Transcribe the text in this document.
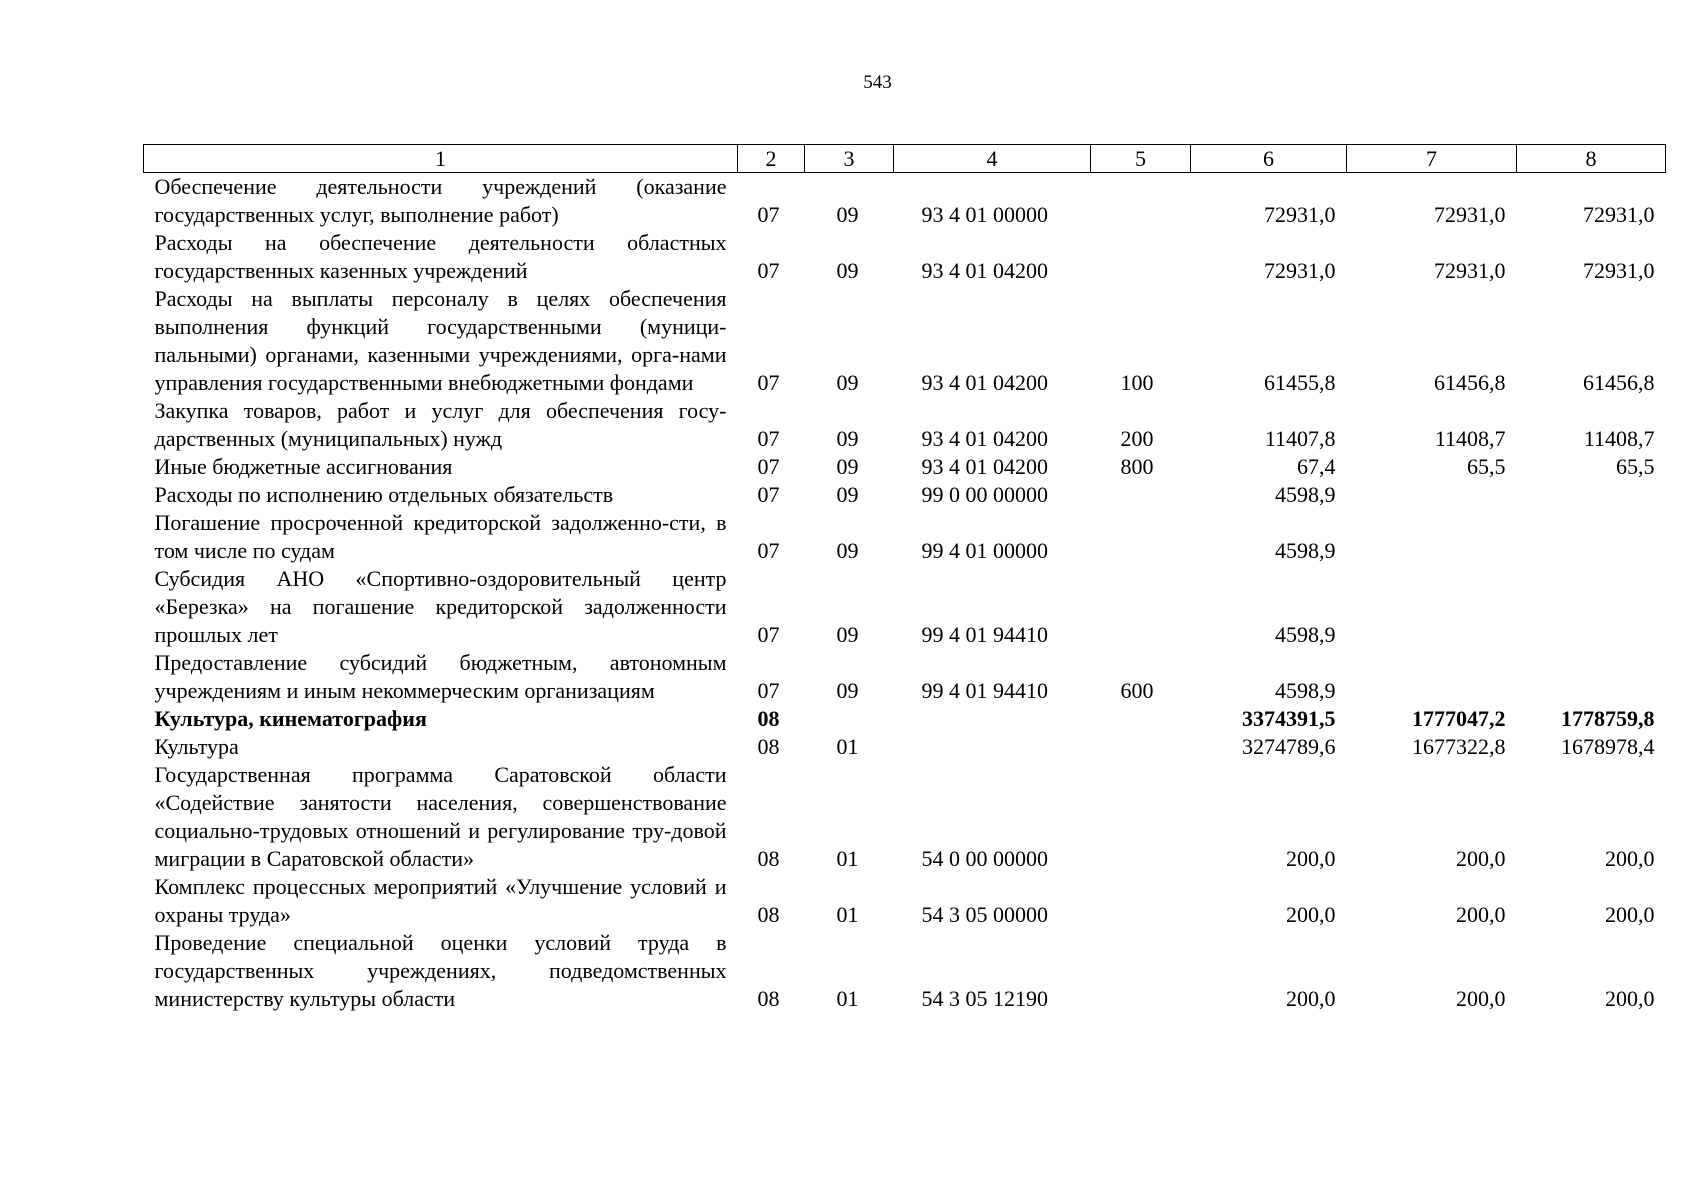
543
1	2	3	4	5	6	7	8
Обеспечение деятельности учреждений (оказание государственных услуг, выполнение работ)	07	09	93 4 01 00000		72931,0	72931,0	72931,0
Расходы на обеспечение деятельности областных государственных казенных учреждений	07	09	93 4 01 04200		72931,0	72931,0	72931,0
Расходы на выплаты персоналу в целях обеспечения выполнения функций государственными (муници-пальными) органами, казенными учреждениями, орга-нами управления государственными внебюджетными фондами	07	09	93 4 01 04200	100	61455,8	61456,8	61456,8
Закупка товаров, работ и услуг для обеспечения госу-дарственных (муниципальных) нужд	07	09	93 4 01 04200	200	11407,8	11408,7	11408,7
Иные бюджетные ассигнования	07	09	93 4 01 04200	800	67,4	65,5	65,5
Расходы по исполнению отдельных обязательств	07	09	99 0 00 00000		4598,9		
Погашение просроченной кредиторской задолженно-сти, в том числе по судам	07	09	99 4 01 00000		4598,9		
Субсидия АНО «Спортивно-оздоровительный центр «Березка» на погашение кредиторской задолженности прошлых лет	07	09	99 4 01 94410		4598,9		
Предоставление субсидий бюджетным, автономным учреждениям и иным некоммерческим организациям	07	09	99 4 01 94410	600	4598,9		
Культура, кинематография	08				3374391,5	1777047,2	1778759,8
Культура	08	01			3274789,6	1677322,8	1678978,4
Государственная программа Саратовской области «Содействие занятости населения, совершенствование социально-трудовых отношений и регулирование тру-довой миграции в Саратовской области»	08	01	54 0 00 00000		200,0	200,0	200,0
Комплекс процессных мероприятий «Улучшение условий и охраны труда»	08	01	54 3 05 00000		200,0	200,0	200,0
Проведение специальной оценки условий труда в государственных учреждениях, подведомственных министерству культуры области	08	01	54 3 05 12190		200,0	200,0	200,0
